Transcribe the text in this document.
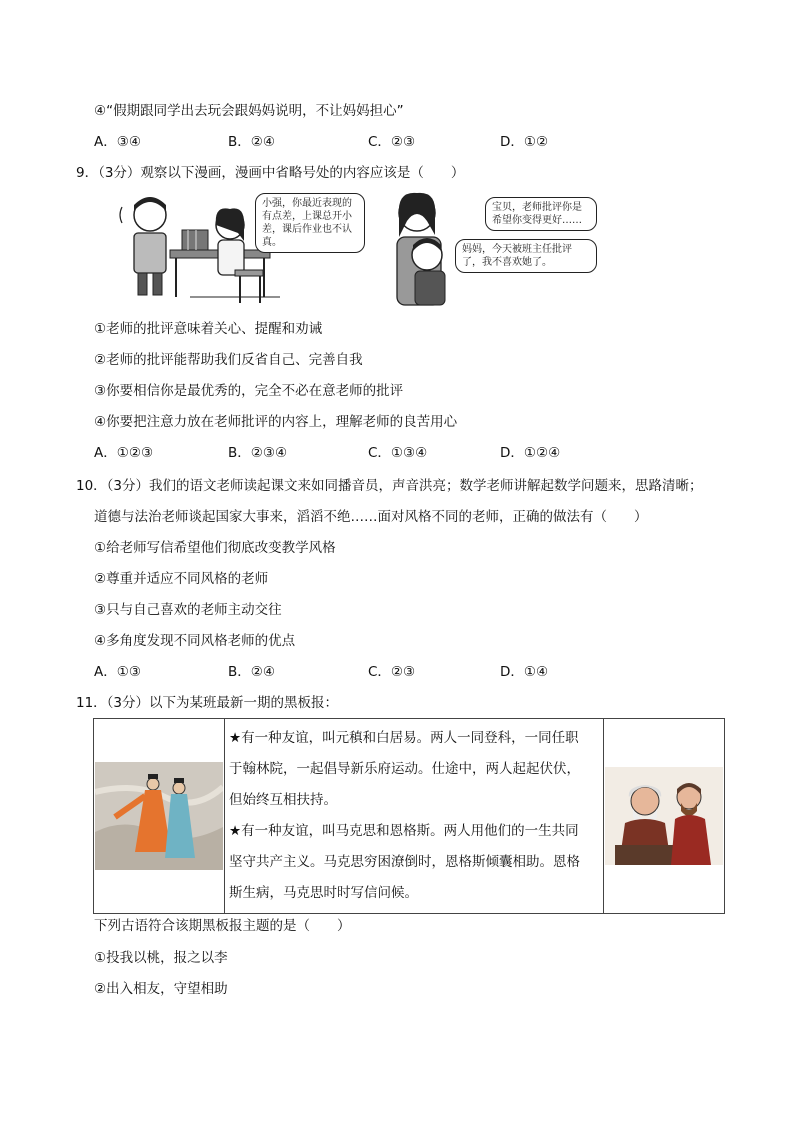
④“假期跟同学出去玩会跟妈妈说明，不让妈妈担心”
A．③④	B．②④	C．②③	D．①②
9．（3分）观察以下漫画，漫画中省略号处的内容应该是（　　）
小强，你最近表现的有点差，上课总开小差，课后作业也不认真。
宝贝，老师批评你是希望你变得更好……
妈妈，今天被班主任批评了，我不喜欢她了。
①老师的批评意味着关心、提醒和劝诫
②老师的批评能帮助我们反省自己、完善自我
③你要相信你是最优秀的，完全不必在意老师的批评
④你要把注意力放在老师批评的内容上，理解老师的良苦用心
A．①②③	B．②③④	C．①③④	D．①②④
10．（3分）我们的语文老师读起课文来如同播音员，声音洪亮；数学老师讲解起数学问题来，思路清晰；
道德与法治老师谈起国家大事来，滔滔不绝……面对风格不同的老师，正确的做法有（　　）
①给老师写信希望他们彻底改变教学风格
②尊重并适应不同风格的老师
③只与自己喜欢的老师主动交往
④多角度发现不同风格老师的优点
A．①③	B．②④	C．②③	D．①④
11．（3分）以下为某班最新一期的黑板报：

★有一种友谊，叫元稹和白居易。两人一同登科，一同任职

于翰林院，一起倡导新乐府运动。仕途中，两人起起伏伏，

但始终互相扶持。

★有一种友谊，叫马克思和恩格斯。两人用他们的一生共同

坚守共产主义。马克思穷困潦倒时，恩格斯倾囊相助。恩格

斯生病，马克思时时写信问候。

下列古语符合该期黑板报主题的是（　　）
①投我以桃，报之以李
②出入相友，守望相助
